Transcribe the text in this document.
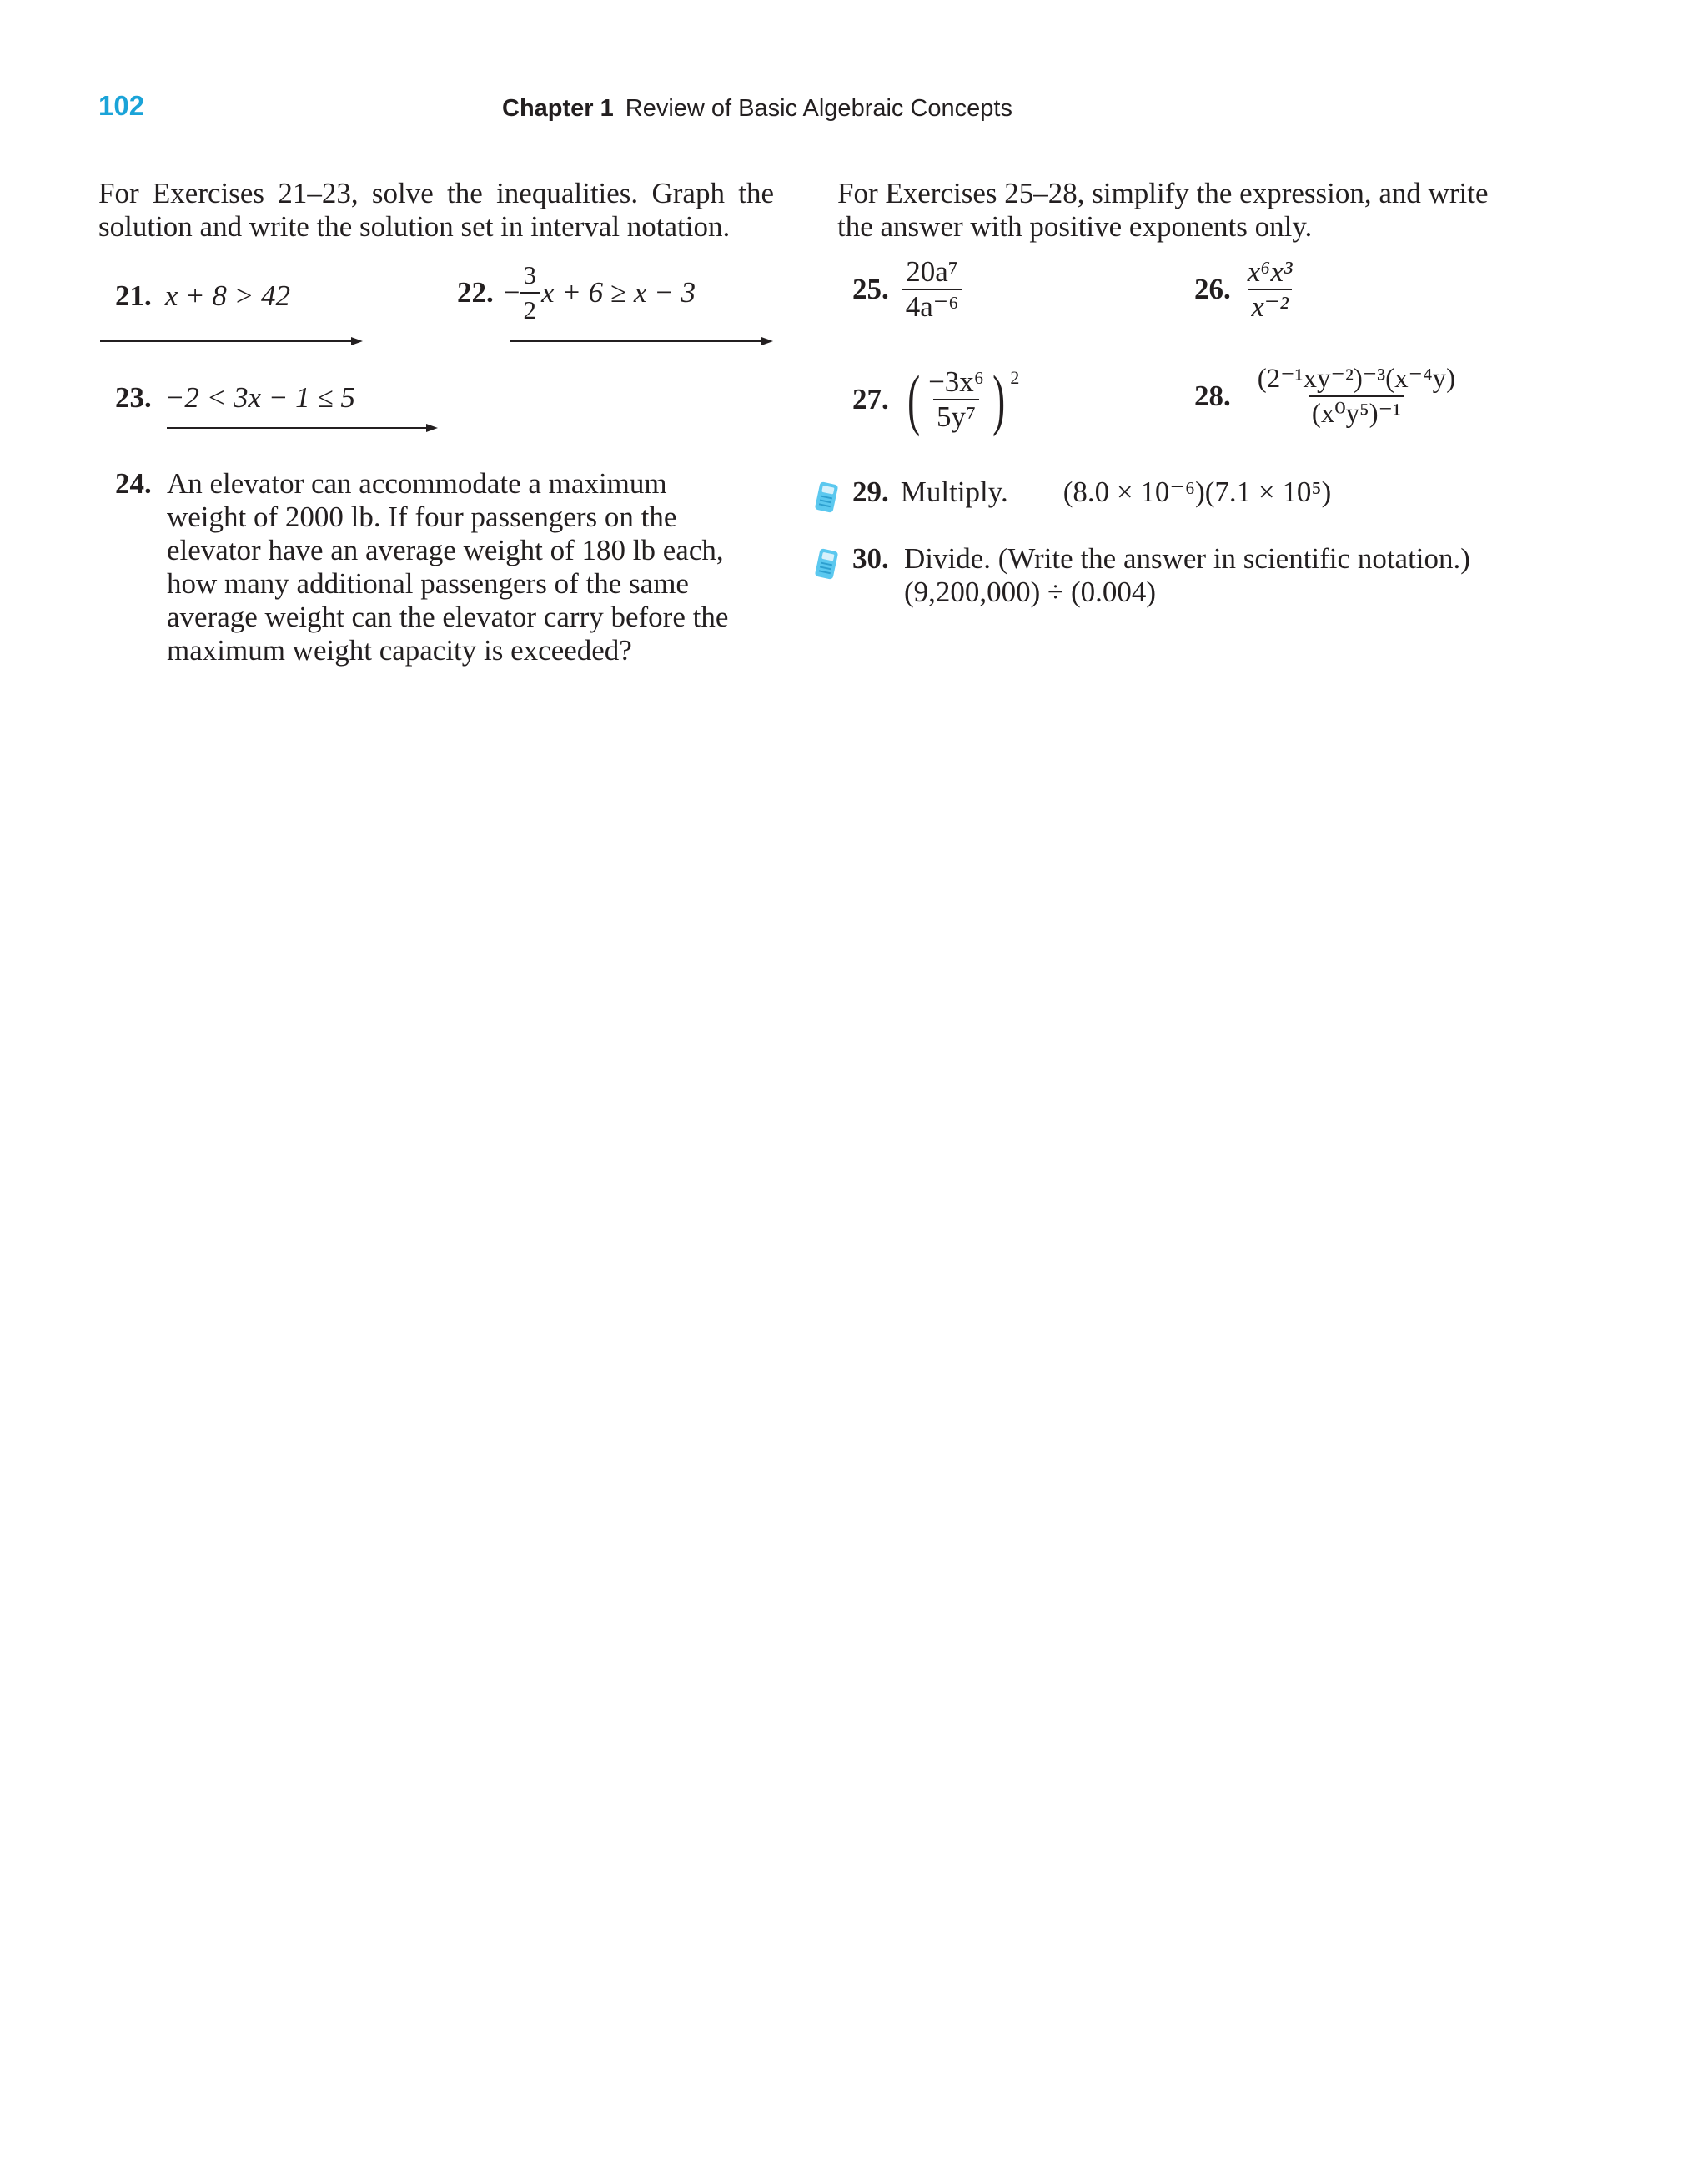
102	Chapter 1 Review of Basic Algebraic Concepts
For Exercises 21–23, solve the inequalities. Graph the
solution and write the solution set in interval notation.
21. x + 8 > 42	22. − $\frac{3}{2}$ x + 6 ≥ x − 3
23. −2 < 3x − 1 ≤ 5
24. An elevator can accommodate a maximum
weight of 2000 lb. If four passengers on the
elevator have an average weight of 180 lb each,
how many additional passengers of the same
average weight can the elevator carry before the
maximum weight capacity is exceeded?
For Exercises 25–28, simplify the expression, and write
the answer with positive exponents only.
25. $\frac{\text{20a⁷}}{\text{4a⁻⁶}}$	26. $\frac{\text{x⁶x³}}{\text{x⁻²}}$
27. ( $\frac{\text{−3x⁶}}{\text{5y⁷}}$ ) 2
28. $\frac{\text{(2⁻¹xy⁻²)⁻³(x⁻⁴y)}}{\text{(x⁰y⁵)⁻¹}}$
29. Multiply. (8.0 × 10⁻⁶)(7.1 × 10⁵)
30. Divide. (Write the answer in scientific notation.)
(9,200,000) ÷ (0.004)
